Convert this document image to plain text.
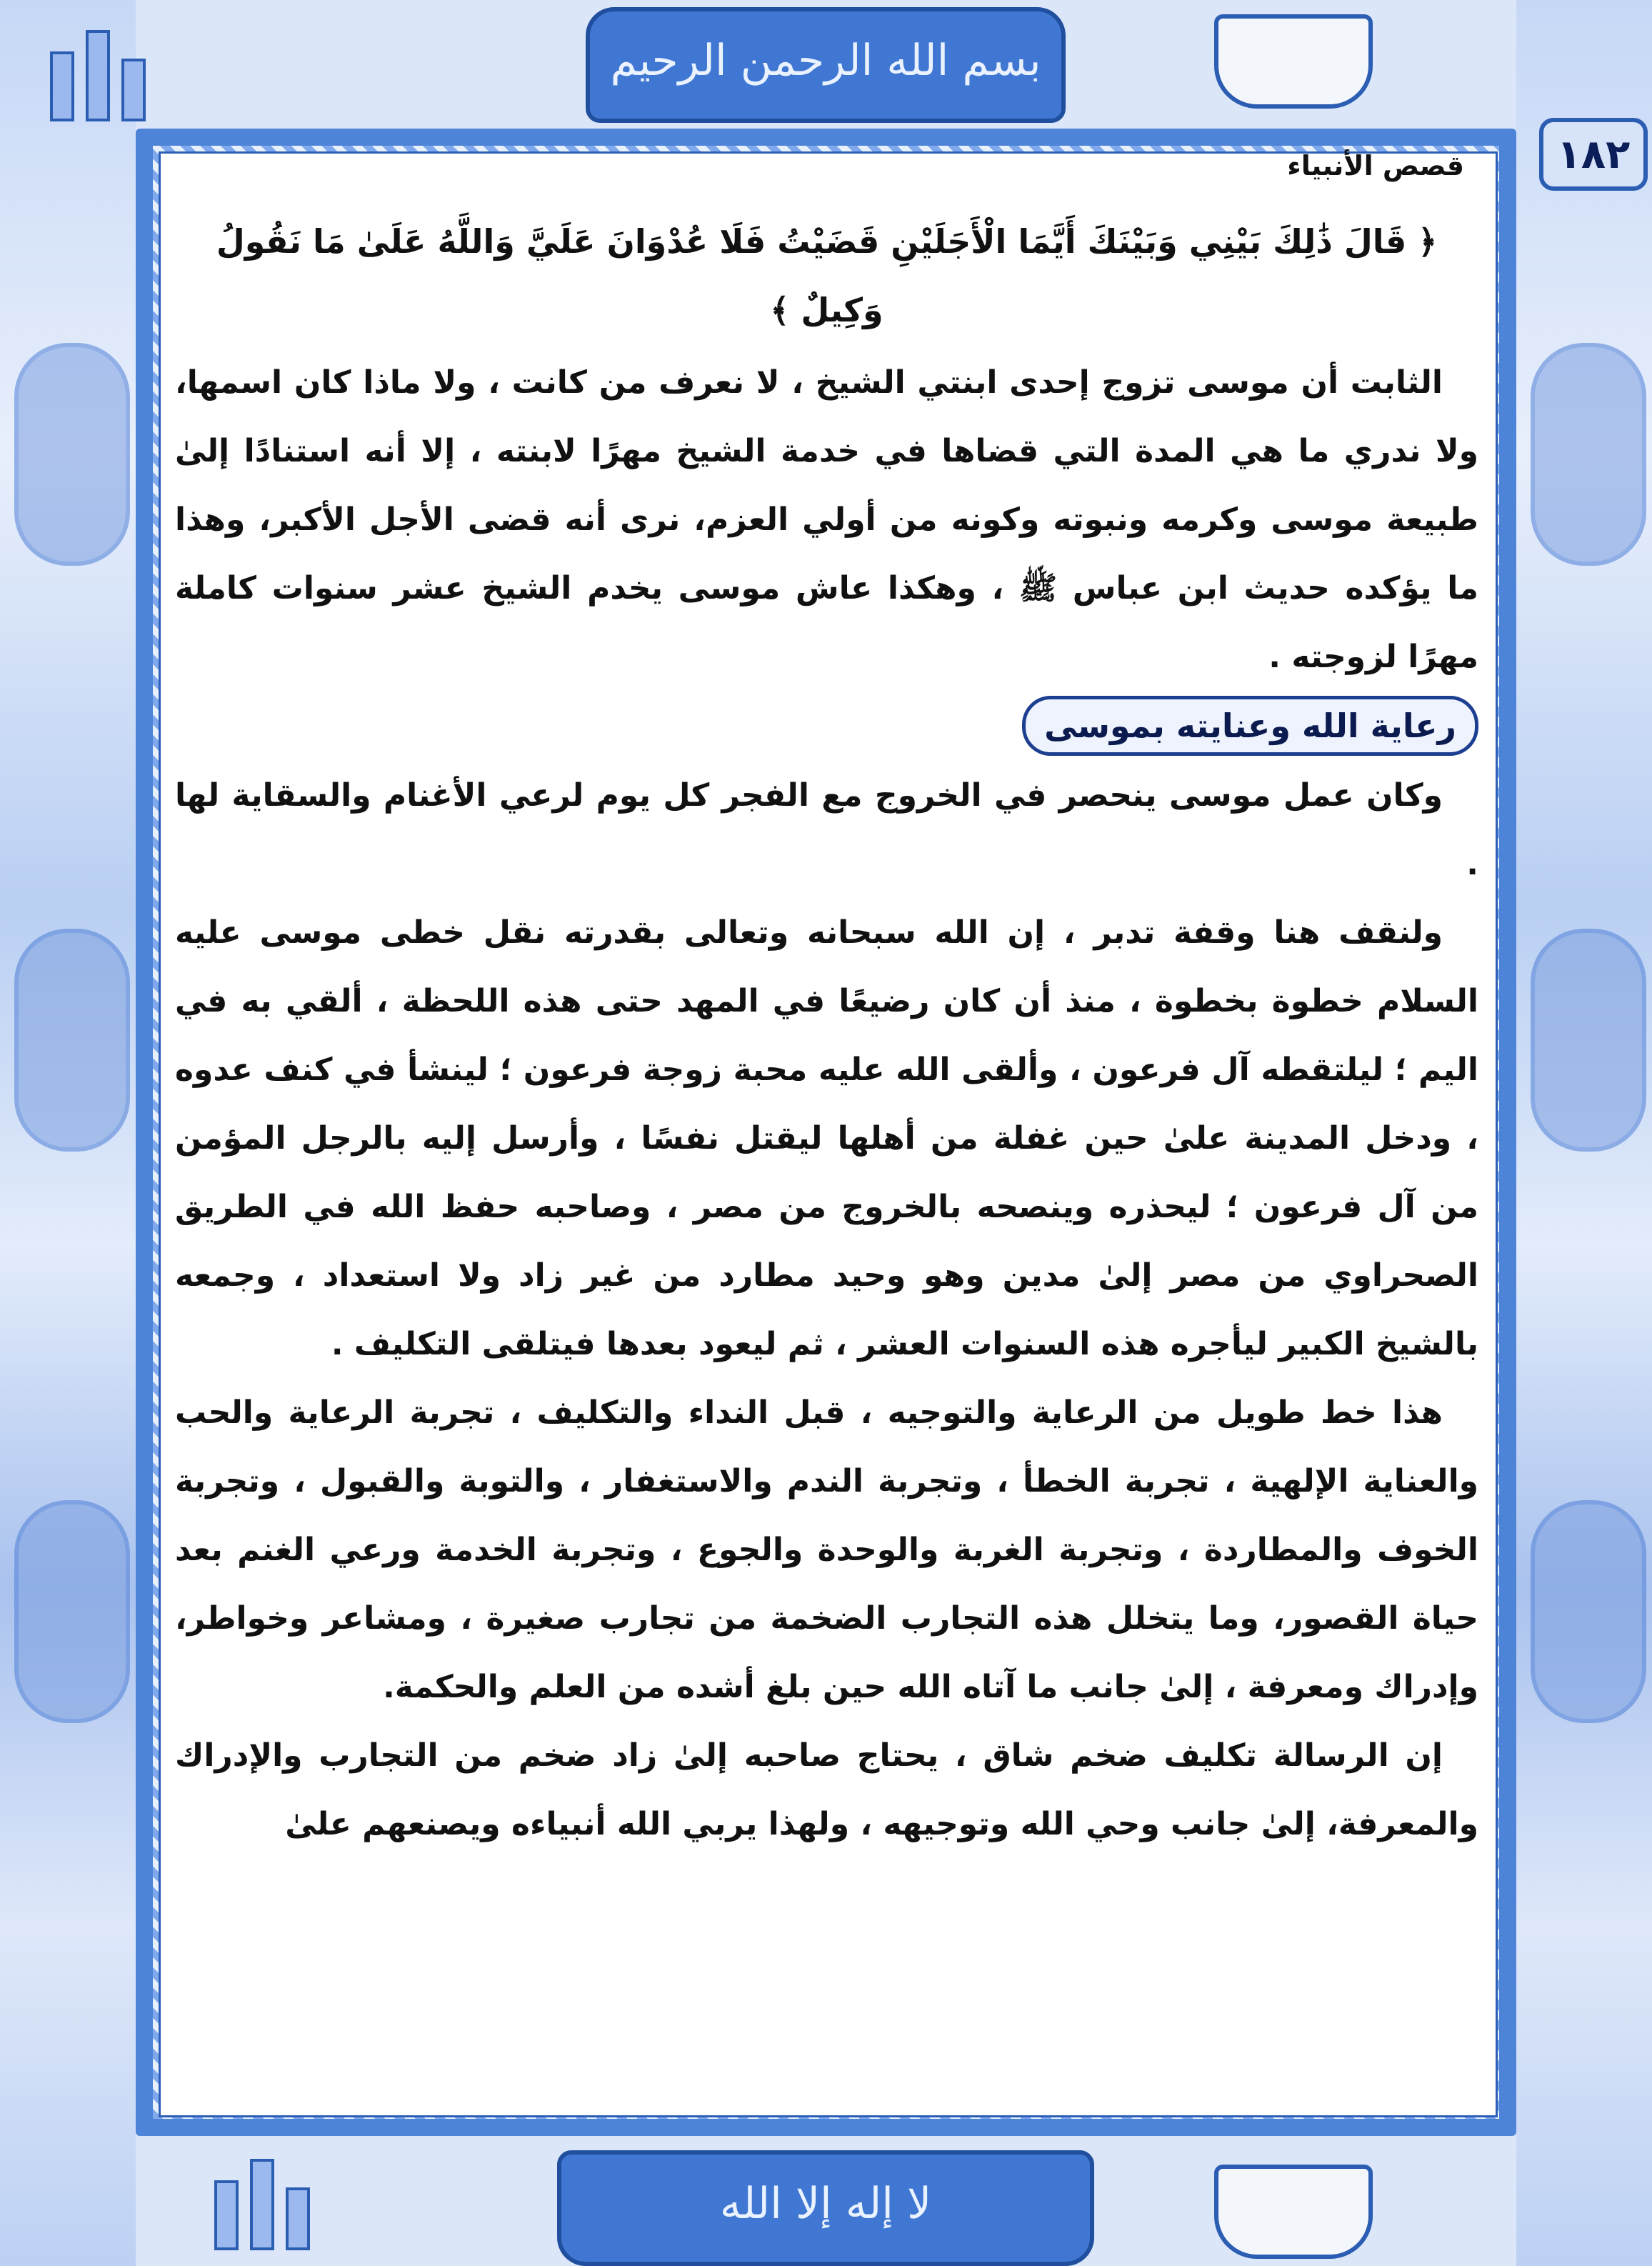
بسم الله الرحمن الرحيم
لا إله إلا الله
١٨٢
قصص الأنبياء

﴿ قَالَ ذَٰلِكَ بَيْنِي وَبَيْنَكَ أَيَّمَا الْأَجَلَيْنِ قَضَيْتُ فَلَا عُدْوَانَ عَلَيَّ وَاللَّهُ عَلَىٰ مَا نَقُولُ وَكِيلٌ ﴾

الثابت أن موسى تزوج إحدى ابنتي الشيخ ، لا نعرف من كانت ، ولا ماذا كان اسمها، ولا ندري ما هي المدة التي قضاها في خدمة الشيخ مهرًا لابنته ، إلا أنه استنادًا إلىٰ طبيعة موسى وكرمه ونبوته وكونه من أولي العزم، نرى أنه قضى الأجل الأكبر، وهذا ما يؤكده حديث ابن عباس ﷺ ، وهكذا عاش موسى يخدم الشيخ عشر سنوات كاملة مهرًا لزوجته .

رعاية الله وعنايته بموسى

وكان عمل موسى ينحصر في الخروج مع الفجر كل يوم لرعي الأغنام والسقاية لها .

ولنقف هنا وقفة تدبر ، إن الله سبحانه وتعالى بقدرته نقل خطى موسى عليه السلام خطوة بخطوة ، منذ أن كان رضيعًا في المهد حتى هذه اللحظة ، ألقي به في اليم ؛ ليلتقطه آل فرعون ، وألقى الله عليه محبة زوجة فرعون ؛ لينشأ في كنف عدوه ، ودخل المدينة علىٰ حين غفلة من أهلها ليقتل نفسًا ، وأرسل إليه بالرجل المؤمن من آل فرعون ؛ ليحذره وينصحه بالخروج من مصر ، وصاحبه حفظ الله في الطريق الصحراوي من مصر إلىٰ مدين وهو وحيد مطارد من غير زاد ولا استعداد ، وجمعه بالشيخ الكبير ليأجره هذه السنوات العشر ، ثم ليعود بعدها فيتلقى التكليف .

هذا خط طويل من الرعاية والتوجيه ، قبل النداء والتكليف ، تجربة الرعاية والحب والعناية الإلهية ، تجربة الخطأ ، وتجربة الندم والاستغفار ، والتوبة والقبول ، وتجربة الخوف والمطاردة ، وتجربة الغربة والوحدة والجوع ، وتجربة الخدمة ورعي الغنم بعد حياة القصور، وما يتخلل هذه التجارب الضخمة من تجارب صغيرة ، ومشاعر وخواطر، وإدراك ومعرفة ، إلىٰ جانب ما آتاه الله حين بلغ أشده من العلم والحكمة.

إن الرسالة تكليف ضخم شاق ، يحتاج صاحبه إلىٰ زاد ضخم من التجارب والإدراك والمعرفة، إلىٰ جانب وحي الله وتوجيهه ، ولهذا يربي الله أنبياءه ويصنعهم علىٰ
